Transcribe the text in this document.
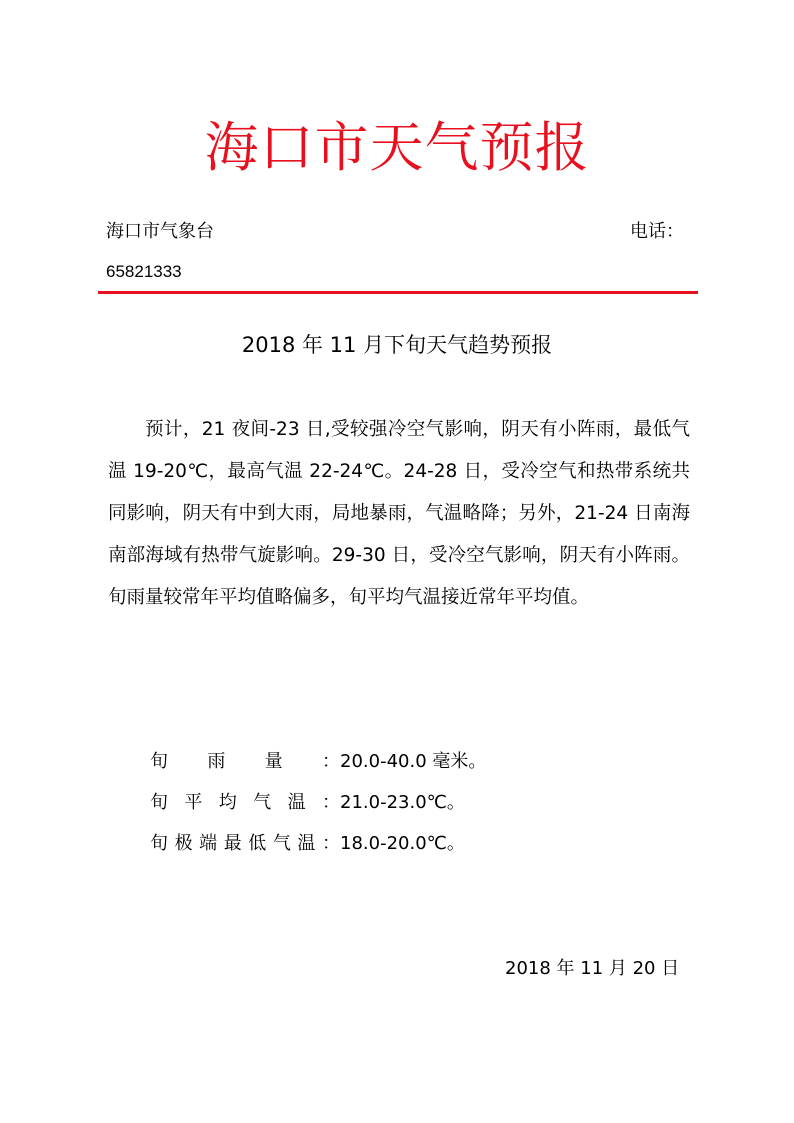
海口市天气预报
海口市气象台	电话：
65821333
2018 年 11 月下旬天气趋势预报

预计，21 夜间-23 日,受较强冷空气影响，阴天有小阵雨，最低气温 19-20℃，最高气温 22-24℃。24-28 日，受冷空气和热带系统共同影响，阴天有中到大雨，局地暴雨，气温略降；另外，21-24 日南海南部海域有热带气旋影响。29-30 日，受冷空气影响，阴天有小阵雨。旬雨量较常年平均值略偏多，旬平均气温接近常年平均值。

旬 雨 量 ： 20.0-40.0 毫米。
旬 平 均 气 温 ： 21.0-23.0℃。
旬 极 端 最 低 气 温 ： 18.0-20.0℃。
2018 年 11 月 20 日
